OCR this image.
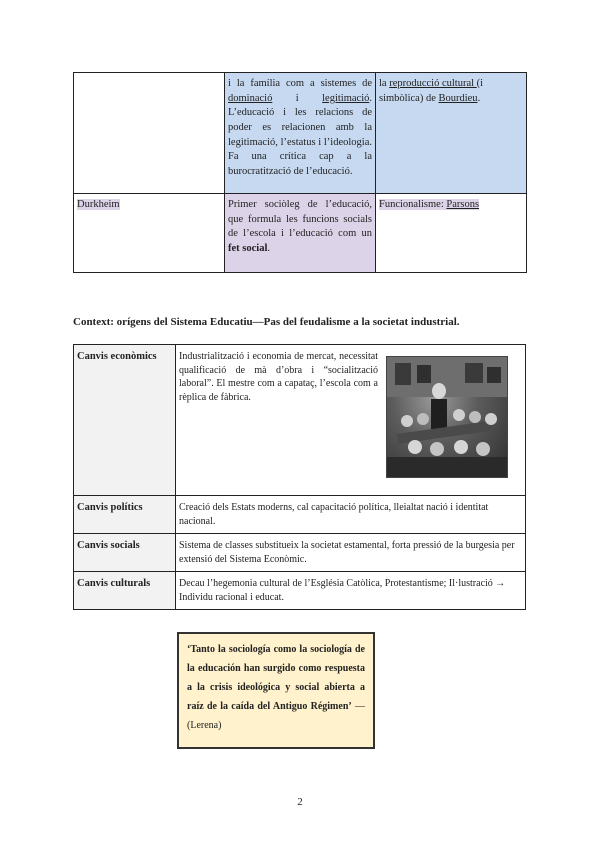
	i la família com a sistemes de dominació i legitimació. L’educació i les relacions de poder es relacionen amb la legitimació, l’estatus i l’ideologia. Fa una crítica cap a la burocratització de l’educació.	la reproducció cultural (i simbòlica) de Bourdieu.
Durkheim	Primer sociòleg de l’educació, que formula les funcions socials de l’escola i l’educació com un fet social.	Funcionalisme: Parsons
Context: orígens del Sistema Educatiu—Pas del feudalisme a la societat industrial.
Canvis econòmics	Industrialització i economia de mercat, necessitat qualificació de mà d’obra i “socialització laboral”. El mestre com a capataç, l’escola com a rèplica de fàbrica.

Canvis polítics	Creació dels Estats moderns, cal capacitació política, lleialtat nació i identitat nacional.
Canvis socials	Sistema de classes substitueix la societat estamental, forta pressió de la burgesia per extensió del Sistema Econòmic.
Canvis culturals	Decau l’hegemonia cultural de l’Església Catòlica, Protestantisme; Il·lustració → Individu racional i educat.
‘Tanto la sociología como la sociología de la educación han surgido como respuesta a la crisis ideológica y social abierta a raíz de la caída del Antiguo Régimen’ —(Lerena)
2
